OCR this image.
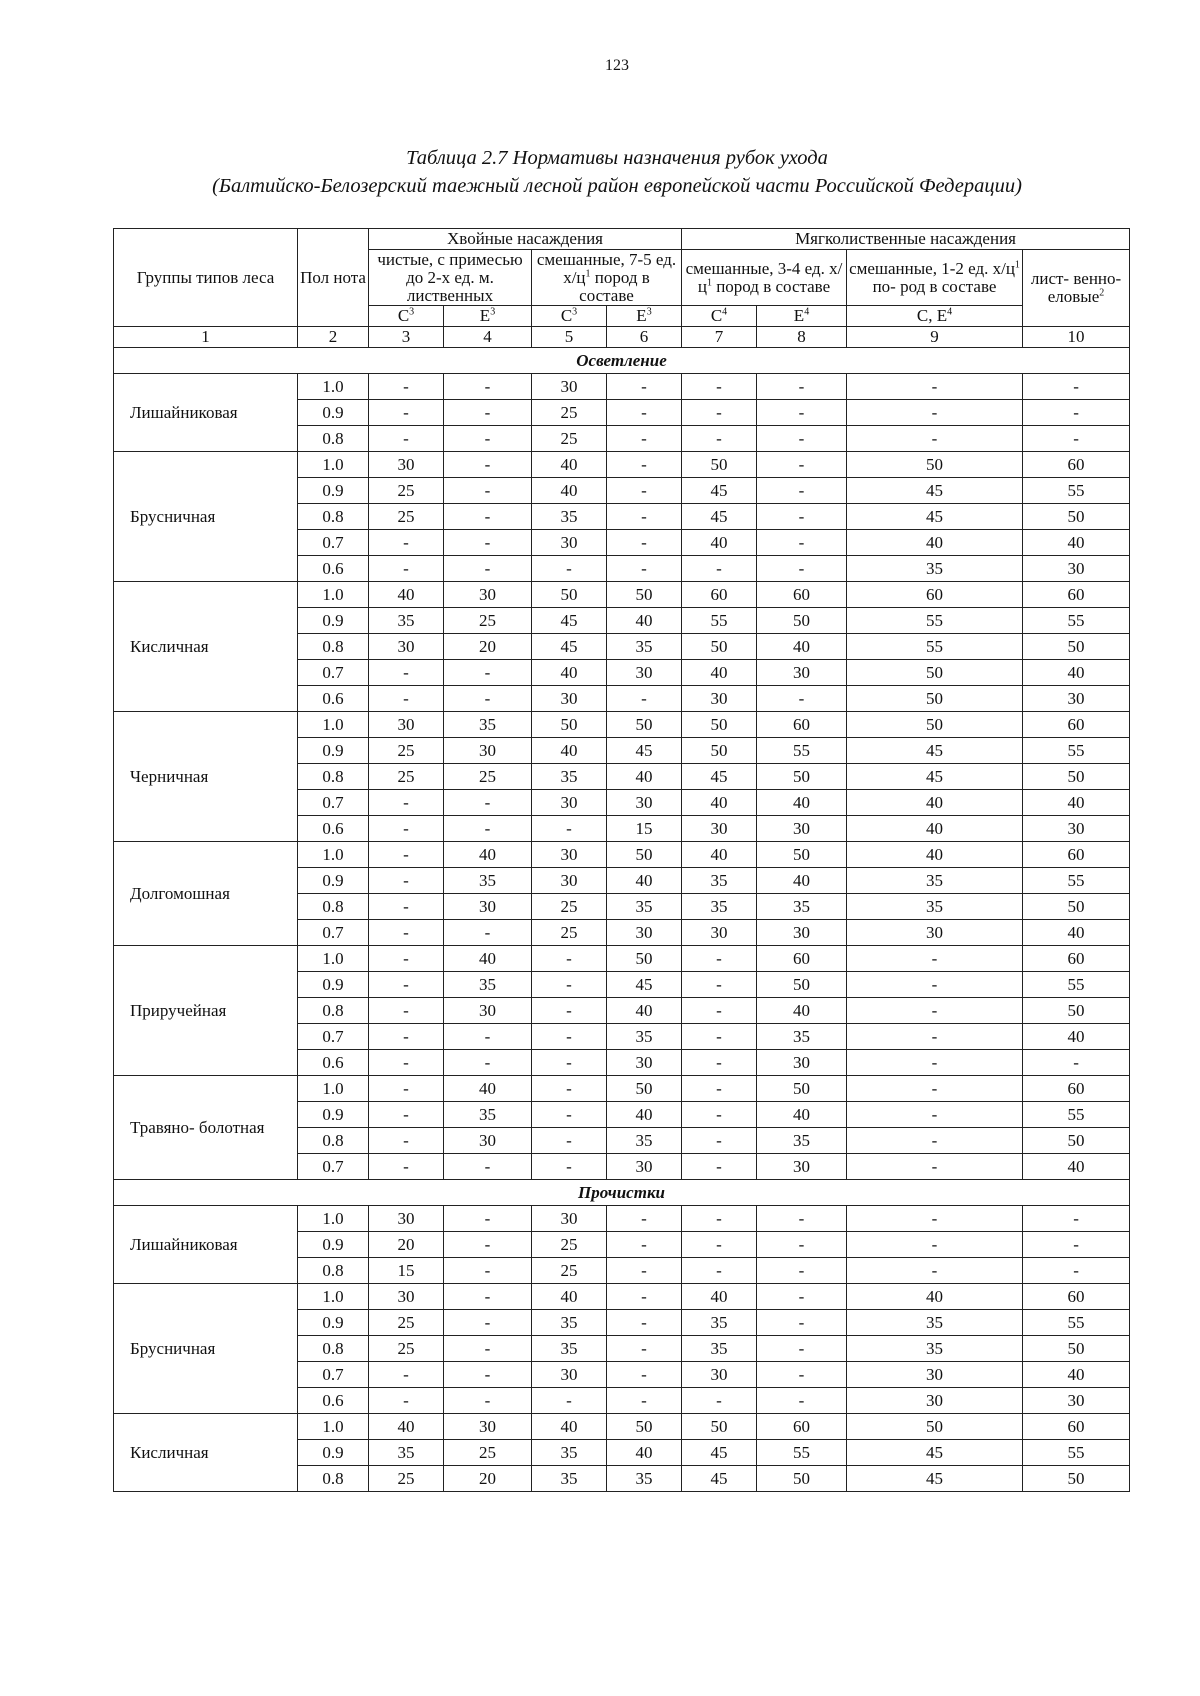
123
Таблица 2.7 Нормативы назначения рубок ухода
(Балтийско-Белозерский таежный лесной район европейской части Российской Федерации)
Группы типов леса	Пол нота	Хвойные насаждения				Мягколиственные насаждения			
		чистые, с примесью до 2-х ед. м. лиственных		смешанные, 7-5 ед. $х/ц^1$ пород в составе		смешанные, 3-4 ед. $х/ц^1$ пород в составе		смешанные, 1-2 ед. $х/ц^1$ по- род в составе	лист- венно- еловые$^2$
		$С^3$	$Е^3$	$С^3$	$Е^3$	$С^4$	$Е^4$	С, $Е^4$
1	2	3	4	5	6	7	8	9	10
Осветление									
Лишайниковая	1.0	-	-	30	-	-	-	-	-
	0.9	-	-	25	-	-	-	-	-
	0.8	-	-	25	-	-	-	-	-
Брусничная	1.0	30	-	40	-	50	-	50	60
	0.9	25	-	40	-	45	-	45	55
	0.8	25	-	35	-	45	-	45	50
	0.7	-	-	30	-	40	-	40	40
	0.6	-	-	-	-	-	-	35	30
Кисличная	1.0	40	30	50	50	60	60	60	60
	0.9	35	25	45	40	55	50	55	55
	0.8	30	20	45	35	50	40	55	50
	0.7	-	-	40	30	40	30	50	40
	0.6	-	-	30	-	30	-	50	30
Черничная	1.0	30	35	50	50	50	60	50	60
	0.9	25	30	40	45	50	55	45	55
	0.8	25	25	35	40	45	50	45	50
	0.7	-	-	30	30	40	40	40	40
	0.6	-	-	-	15	30	30	40	30
Долгомошная	1.0	-	40	30	50	40	50	40	60
	0.9	-	35	30	40	35	40	35	55
	0.8	-	30	25	35	35	35	35	50
	0.7	-	-	25	30	30	30	30	40
Приручейная	1.0	-	40	-	50	-	60	-	60
	0.9	-	35	-	45	-	50	-	55
	0.8	-	30	-	40	-	40	-	50
	0.7	-	-	-	35	-	35	-	40
	0.6	-	-	-	30	-	30	-	-
Травяно- болотная	1.0	-	40	-	50	-	50	-	60
	0.9	-	35	-	40	-	40	-	55
	0.8	-	30	-	35	-	35	-	50
	0.7	-	-	-	30	-	30	-	40
Прочистки									
Лишайниковая	1.0	30	-	30	-	-	-	-	-
	0.9	20	-	25	-	-	-	-	-
	0.8	15	-	25	-	-	-	-	-
Брусничная	1.0	30	-	40	-	40	-	40	60
	0.9	25	-	35	-	35	-	35	55
	0.8	25	-	35	-	35	-	35	50
	0.7	-	-	30	-	30	-	30	40
	0.6	-	-	-	-	-	-	30	30
Кисличная	1.0	40	30	40	50	50	60	50	60
	0.9	35	25	35	40	45	55	45	55
	0.8	25	20	35	35	45	50	45	50
